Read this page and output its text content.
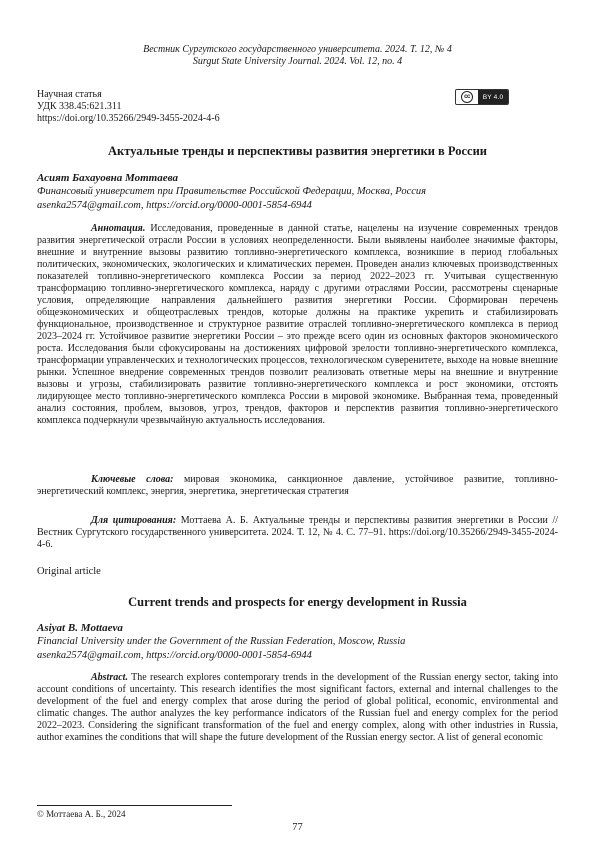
Вестник Сургутского государственного университета. 2024. Т. 12, № 4
Surgut State University Journal. 2024. Vol. 12, no. 4
Научная статья
УДК 338.45:621.311
https://doi.org/10.35266/2949-3455-2024-4-6
cc	BY 4.0
Актуальные тренды и перспективы развития энергетики в России
Асият Бахауовна Моттаева
Финансовый университет при Правительстве Российской Федерации, Москва, Россия
asenka2574@gmail.com, https://orcid.org/0000-0001-5854-6944
Аннотация. Исследования, проведенные в данной статье, нацелены на изучение современных трендов развития энергетической отрасли России в условиях неопределенности. Были выявлены наиболее значимые факторы, внешние и внутренние вызовы развитию топливно-энергетического комплекса, возникшие в период глобальных политических, экономических, экологических и климатических перемен. Проведен анализ ключевых производственных показателей топливно-энергетического комплекса России за период 2022–2023 гг. Учитывая существенную трансформацию топливно-энергетического комплекса, наряду с другими отраслями России, рассмотрены сценарные условия, определяющие направления дальнейшего развития энергетики России. Сформирован перечень общеэкономических и общеотраслевых трендов, которые должны на практике укрепить и стабилизировать функциональное, производственное и структурное развитие отраслей топливно-энергетического комплекса в период 2023–2024 гг. Устойчивое развитие энергетики России – это прежде всего один из основных факторов экономического роста. Исследования были сфокусированы на достижениях цифровой зрелости топливно-энергетического комплекса, трансформации управленческих и технологических процессов, технологическом суверенитете, выходе на новые внешние рынки. Успешное внедрение современных трендов позволит реализовать ответные меры на внешние и внутренние вызовы и угрозы, стабилизировать развитие топливно-энергетического комплекса и рост экономики, отстоять лидирующее место топливно-энергетического комплекса России в мировой экономике. Выбранная тема, проведенный анализ состояния, проблем, вызовов, угроз, трендов, факторов и перспектив развития топливно-энергетического комплекса подчеркнули чрезвычайную актуальность исследования.
Ключевые слова: мировая экономика, санкционное давление, устойчивое развитие, топливно-энергетический комплекс, энергия, энергетика, энергетическая стратегия
Для цитирования: Моттаева А. Б. Актуальные тренды и перспективы развития энергетики в России // Вестник Сургутского государственного университета. 2024. Т. 12, № 4. С. 77–91. https://doi.org/10.35266/2949-3455-2024-4-6.
Original article
Current trends and prospects for energy development in Russia
Asiyat B. Mottaeva
Financial University under the Government of the Russian Federation, Moscow, Russia
asenka2574@gmail.com, https://orcid.org/0000-0001-5854-6944
Abstract. The research explores contemporary trends in the development of the Russian energy sector, taking into account conditions of uncertainty. This research identifies the most significant factors, external and internal challenges to the development of the fuel and energy complex that arose during the period of global political, economic, environmental and climatic changes. The author analyzes the key performance indicators of the Russian fuel and energy complex for the period 2022–2023. Considering the significant transformation of the fuel and energy complex, along with other industries in Russia, author examines the conditions that will shape the future development of the Russian energy sector. A list of general economic
© Моттаева А. Б., 2024
77
